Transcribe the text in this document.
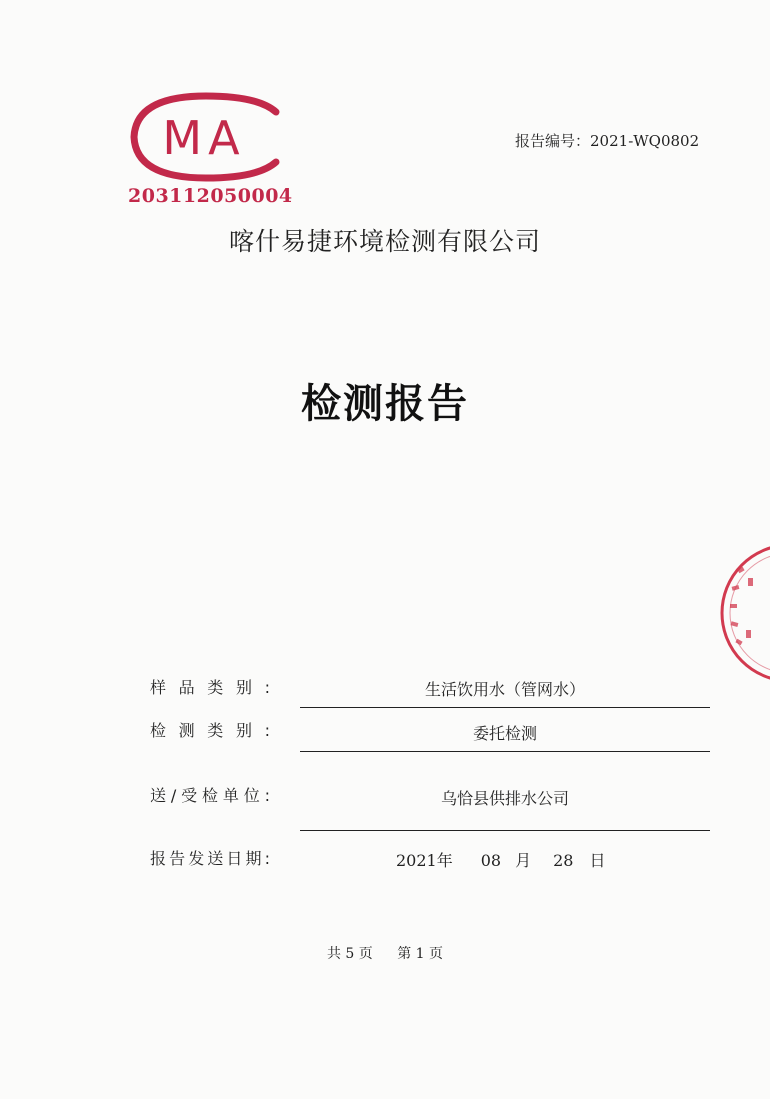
MA
203112050004
报告编号：2021-WQ0802
喀什易捷环境检测有限公司
检测报告
样品类别:	生活饮用水（管网水）
检测类别:	委托检测
送/受检单位:	乌恰县供排水公司
报告发送日期:	2021年 08 月 28 日
共 5 页 第 1 页
